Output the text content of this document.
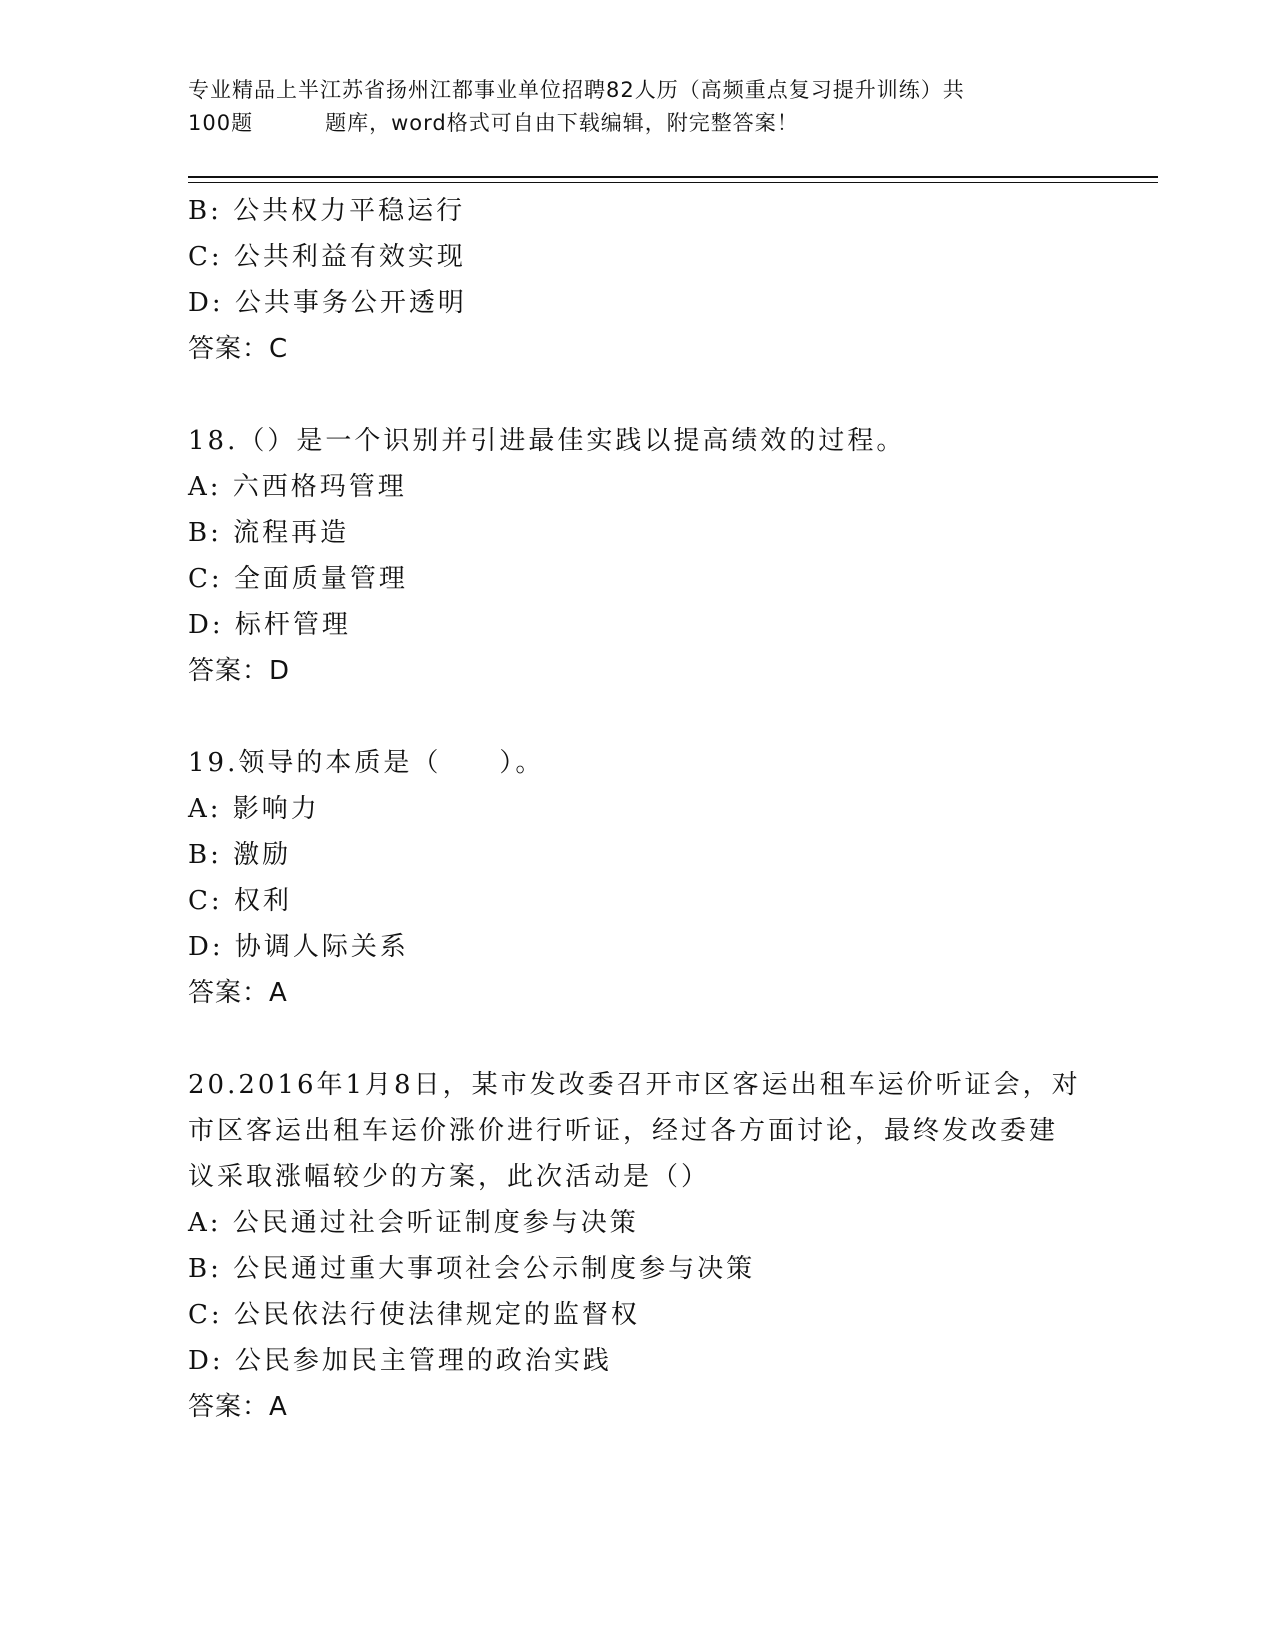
专业精品上半江苏省扬州江都事业单位招聘82人历（高频重点复习提升训练）共
100题	题库，word格式可自由下载编辑，附完整答案！
B: 公共权力平稳运行
C: 公共利益有效实现
D: 公共事务公开透明
答案：C
18.（）是一个识别并引进最佳实践以提高绩效的过程。
A: 六西格玛管理
B: 流程再造
C: 全面质量管理
D: 标杆管理
答案：D
19.领导的本质是（　　）。
A: 影响力
B: 激励
C: 权利
D: 协调人际关系
答案：A
20.2016年1月8日，某市发改委召开市区客运出租车运价听证会，对
市区客运出租车运价涨价进行听证，经过各方面讨论，最终发改委建
议采取涨幅较少的方案，此次活动是（）
A: 公民通过社会听证制度参与决策
B: 公民通过重大事项社会公示制度参与决策
C: 公民依法行使法律规定的监督权
D: 公民参加民主管理的政治实践
答案：A
